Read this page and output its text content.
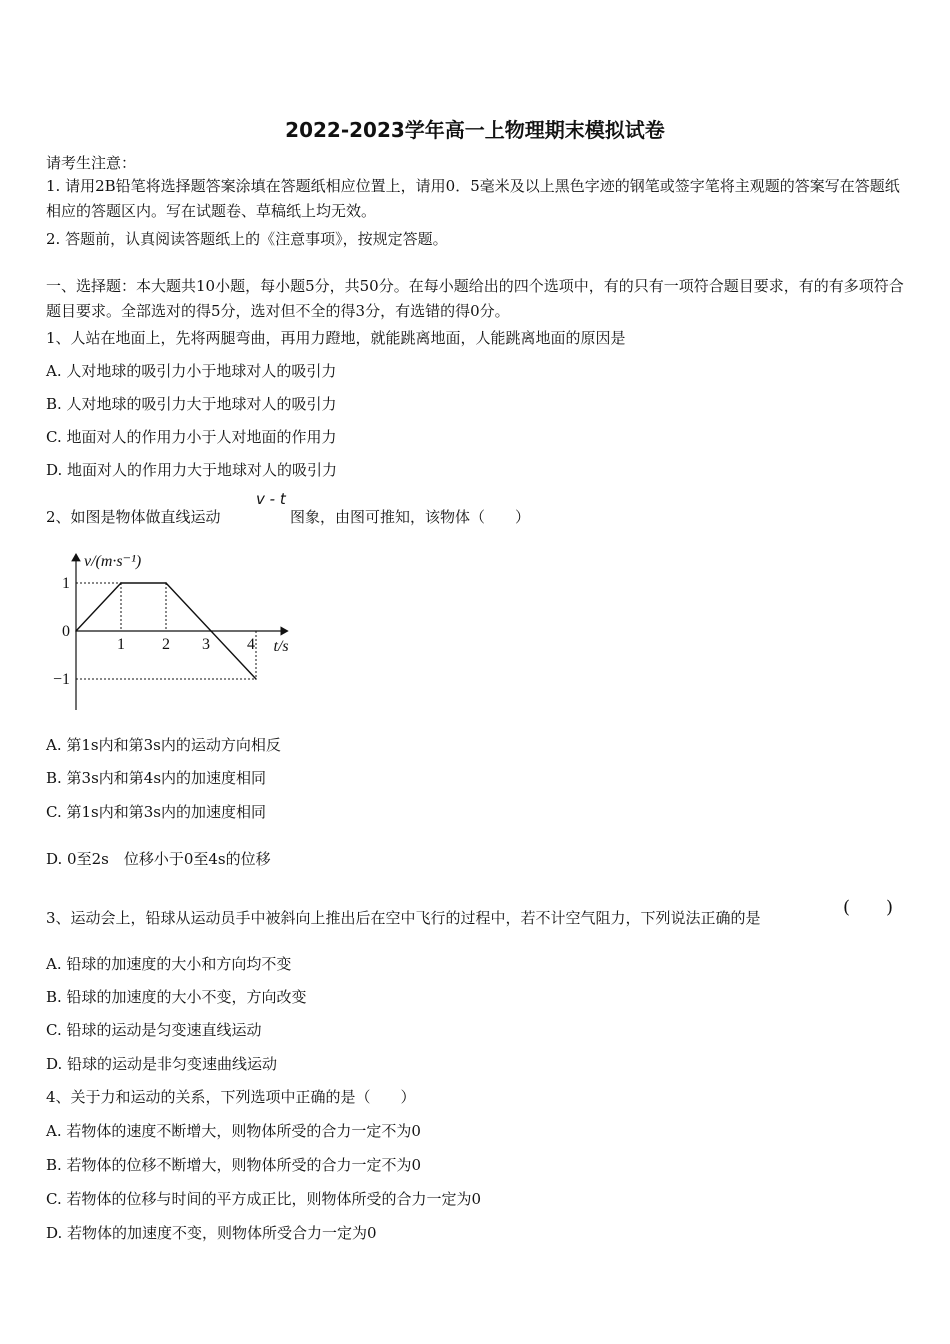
2022-2023学年高一上物理期末模拟试卷
请考生注意：
1. 请用2B铅笔将选择题答案涂填在答题纸相应位置上，请用0．5毫米及以上黑色字迹的钢笔或签字笔将主观题的答案写在答题纸相应的答题区内。写在试题卷、草稿纸上均无效。
2. 答题前，认真阅读答题纸上的《注意事项》，按规定答题。
一、选择题：本大题共10小题，每小题5分，共50分。在每小题给出的四个选项中，有的只有一项符合题目要求，有的有多项符合题目要求。全部选对的得5分，选对但不全的得3分，有选错的得0分。
1、人站在地面上，先将两腿弯曲，再用力蹬地，就能跳离地面，人能跳离地面的原因是
A. 人对地球的吸引力小于地球对人的吸引力
B. 人对地球的吸引力大于地球对人的吸引力
C. 地面对人的作用力小于人对地面的作用力
D. 地面对人的作用力大于地球对人的吸引力
2、如图是物体做直线运动
v - t
图象，由图可推知，该物体（　　）
1 2 3 4
1
0
−1
v/(m·s⁻¹)
t/s
A. 第1s内和第3s内的运动方向相反
B. 第3s内和第4s内的加速度相同
C. 第1s内和第3s内的加速度相同
D. 0至2s　位移小于0至4s的位移
3、运动会上，铅球从运动员手中被斜向上推出后在空中飞行的过程中，若不计空气阻力，下列说法正确的是	(　　)
A. 铅球的加速度的大小和方向均不变
B. 铅球的加速度的大小不变，方向改变
C. 铅球的运动是匀变速直线运动
D. 铅球的运动是非匀变速曲线运动
4、关于力和运动的关系，下列选项中正确的是（　　）
A. 若物体的速度不断增大，则物体所受的合力一定不为0
B. 若物体的位移不断增大，则物体所受的合力一定不为0
C. 若物体的位移与时间的平方成正比，则物体所受的合力一定为0
D. 若物体的加速度不变，则物体所受合力一定为0
